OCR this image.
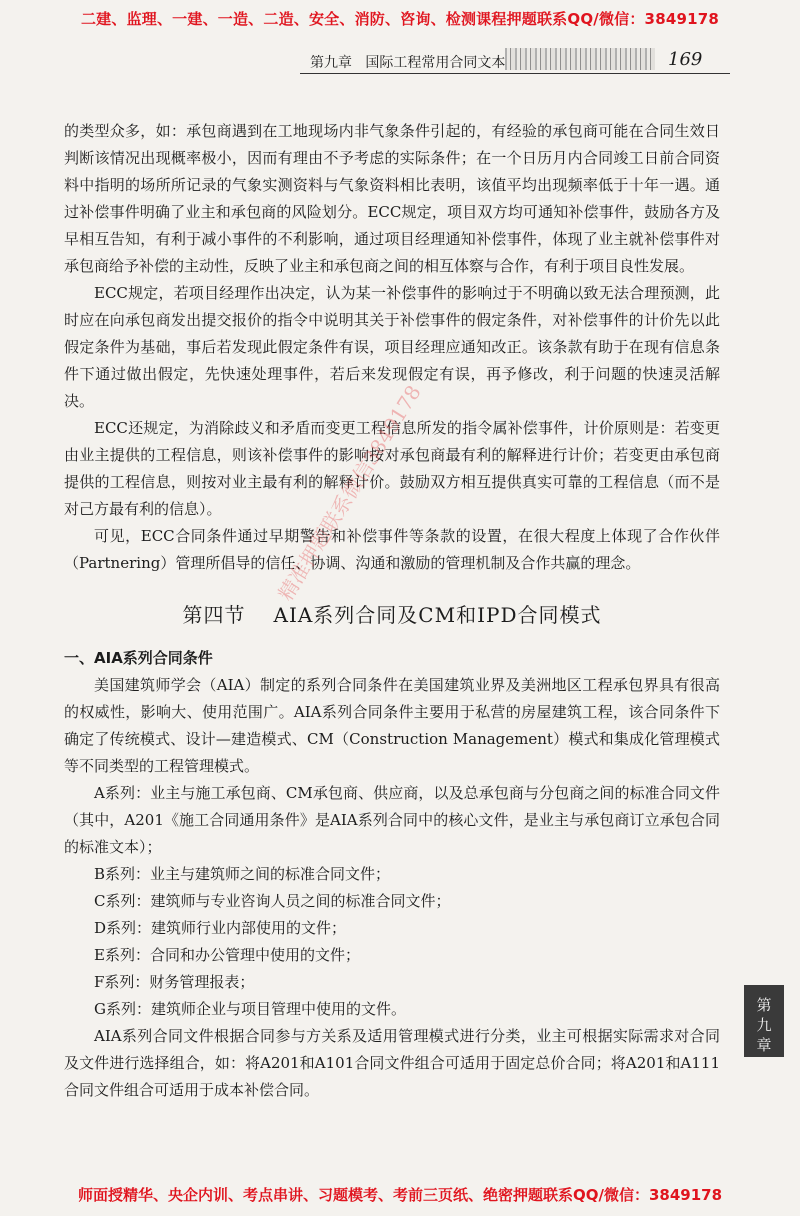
二建、监理、一建、一造、二造、安全、消防、咨询、检测课程押题联系QQ/微信：3849178
第九章 国际工程常用合同文本	169

的类型众多，如：承包商遇到在工地现场内非气象条件引起的，有经验的承包商可能在合同生效日判断该情况出现概率极小，因而有理由不予考虑的实际条件；在一个日历月内合同竣工日前合同资料中指明的场所所记录的气象实测资料与气象资料相比表明，该值平均出现频率低于十年一遇。通过补偿事件明确了业主和承包商的风险划分。ECC规定，项目双方均可通知补偿事件，鼓励各方及早相互告知，有利于减小事件的不利影响，通过项目经理通知补偿事件，体现了业主就补偿事件对承包商给予补偿的主动性，反映了业主和承包商之间的相互体察与合作，有利于项目良性发展。

ECC规定，若项目经理作出决定，认为某一补偿事件的影响过于不明确以致无法合理预测，此时应在向承包商发出提交报价的指令中说明其关于补偿事件的假定条件，对补偿事件的计价先以此假定条件为基础，事后若发现此假定条件有误，项目经理应通知改正。该条款有助于在现有信息条件下通过做出假定，先快速处理事件，若后来发现假定有误，再予修改，利于问题的快速灵活解决。

ECC还规定，为消除歧义和矛盾而变更工程信息所发的指令属补偿事件，计价原则是：若变更由业主提供的工程信息，则该补偿事件的影响按对承包商最有利的解释进行计价；若变更由承包商提供的工程信息，则按对业主最有利的解释计价。鼓励双方相互提供真实可靠的工程信息（而不是对己方最有利的信息）。

可见，ECC合同条件通过早期警告和补偿事件等条款的设置，在很大程度上体现了合作伙伴（Partnering）管理所倡导的信任、协调、沟通和激励的管理机制及合作共赢的理念。

第四节 AIA系列合同及CM和IPD合同模式

一、AIA系列合同条件

美国建筑师学会（AIA）制定的系列合同条件在美国建筑业界及美洲地区工程承包界具有很高的权威性，影响大、使用范围广。AIA系列合同条件主要用于私营的房屋建筑工程，该合同条件下确定了传统模式、设计—建造模式、CM（Construction Management）模式和集成化管理模式等不同类型的工程管理模式。

A系列：业主与施工承包商、CM承包商、供应商，以及总承包商与分包商之间的标准合同文件（其中，A201《施工合同通用条件》是AIA系列合同中的核心文件，是业主与承包商订立承包合同的标准文本）；

B系列：业主与建筑师之间的标准合同文件；

C系列：建筑师与专业咨询人员之间的标准合同文件；

D系列：建筑师行业内部使用的文件；

E系列：合同和办公管理中使用的文件；

F系列：财务管理报表；

G系列：建筑师企业与项目管理中使用的文件。

AIA系列合同文件根据合同参与方关系及适用管理模式进行分类，业主可根据实际需求对合同及文件进行选择组合，如：将A201和A101合同文件组合可适用于固定总价合同；将A201和A111合同文件组合可适用于成本补偿合同。

精准押题联系微信3849178
第
九
章
师面授精华、央企内训、考点串讲、习题模考、考前三页纸、绝密押题联系QQ/微信：3849178
